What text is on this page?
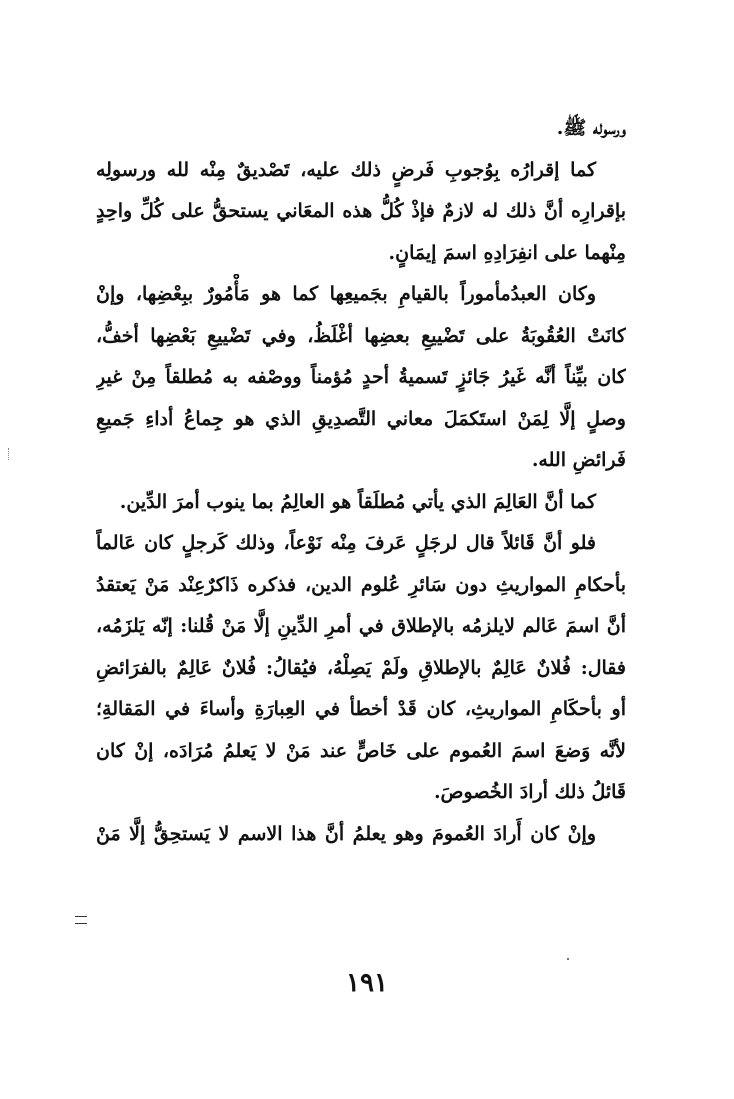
ورسوله ﷺ.
كما إقرارُه بِوُجوبِ فَرضٍ ذلك عليه، تَصْديقٌ مِنْه لله ورسولِه
بإقرارِه أنَّ ذلك له لازمٌ فإذْ كُلُّ هذه المعَاني يستحقُّ على كُلِّ واحِدٍ
مِنْهما على انفِرَادِهِ اسمَ إيمَانٍ.
وكان العبدُمأموراً بالقيامِ بجَميعِها كما هو مَأْمُورٌ ببِعْضِها، وإنْ
كانَتْ العُقُوبَةُ على تَضْييعِ بعضِها أغْلَظُ، وفي تَضْييعِ بَعْضِها أخفُّ،
كان بيِّناً أنَّه غَيرُ جَائزٍ تَسميةُ أحدٍ مُؤمناً ووصْفه به مُطلقاً مِنْ غيرِ
وصلٍ إلَّا لِمَنْ استَكمَلَ معاني التَّصدِيقِ الذي هو جِماعُ أداءِ جَميعِ
فَرائضِ الله.
كما أنَّ العَالِمَ الذي يأتي مُطلَقاً هو العالِمُ بما ينوب أمرَ الدِّين.
فلو أنَّ قَائلاً قال لرجَلٍ عَرفَ مِنْه نَوْعاً، وذلك كَرجلٍ كان عَالماً
بأحكامِ المواريثِ دون سَائرِ عُلوم الدين، فذكره ذَاكرٌعِنْد مَنْ يَعتقدُ
أنَّ اسمَ عَالم لايلزمُه بالإطلاق في أمرِ الدِّينِ إلَّا مَنْ قُلنا: إنّه يَلزَمُه،
فقال: فُلانٌ عَالِمٌ بالإطلاقِ ولَمْ يَصِلْهُ، فيُقالُ: فُلانٌ عَالِمٌ بالفرَائضِ
أو بأحكَامِ المواريثِ، كان قَدْ أخطأ في العِبارَةِ وأساءَ في المَقالةِ؛
لأنَّه وَضعَ اسمَ العُموم على خَاصٍّ عند مَنْ لا يَعلمُ مُرَادَه، إنْ كان
قَائلُ ذلك أرادَ الخُصوصَ.
وإنْ كان أَرادَ العُمومَ وهو يعلمُ أنَّ هذا الاسم لا يَستحِقُّ إلَّا مَنْ
١٩١
